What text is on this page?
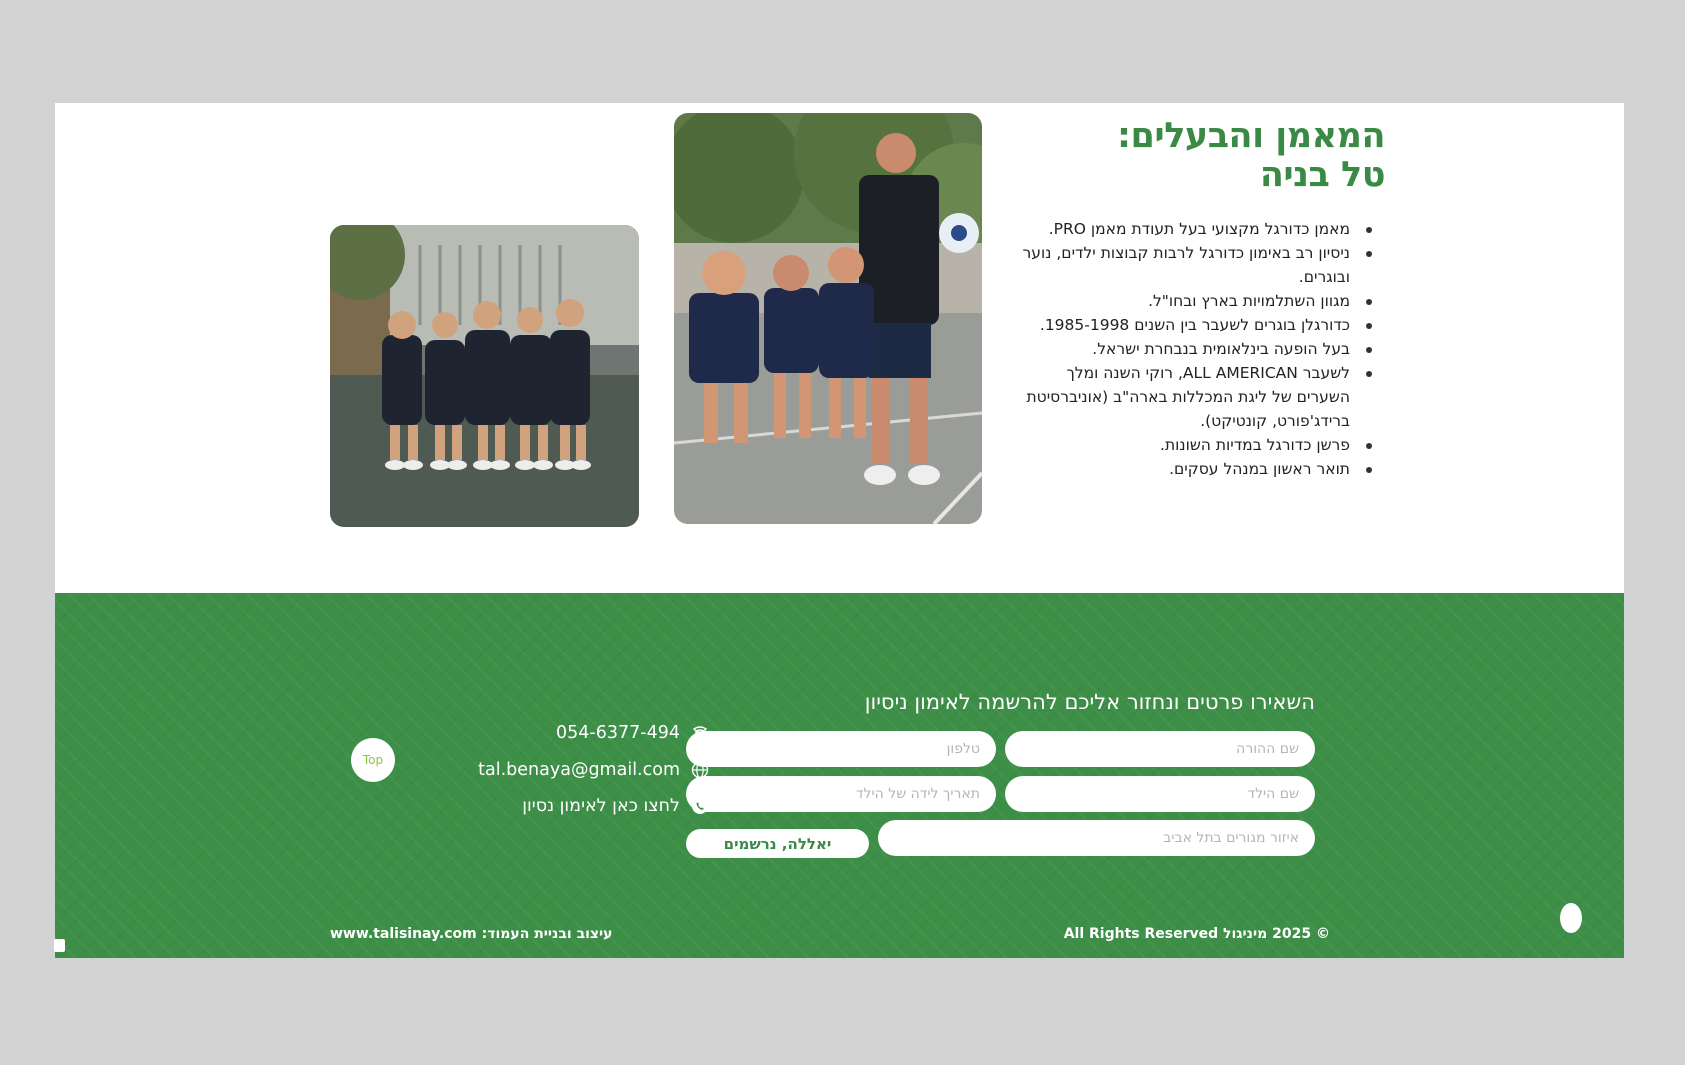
המאמן והבעלים:
טל בניה
מאמן כדורגל מקצועי בעל תעודת מאמן PRO.
ניסיון רב באימון כדורגל לרבות קבוצות ילדים, נוער ובוגרים.
מגוון השתלמויות בארץ ובחו"ל.
כדורגלן בוגרים לשעבר בין השנים 1985-1998.
בעל הופעה בינלאומית בנבחרת ישראל.
לשעבר ALL AMERICAN, רוקי השנה ומלך השערים של ליגת המכללות בארה"ב (אוניברסיטת ברידג'פורט, קונטיקט).
פרשן כדורגל במדיות השונות.
תואר ראשון במנהל עסקים.
השאירו פרטים ונחזור אליכם להרשמה לאימון ניסיון
שם ההורה
טלפון
שם הילד
תאריך לידה של הילד
איזור מגורים בתל אביב
יאללה, נרשמים
054-6377-494
tal.benaya@gmail.com
לחצו כאן לאימון נסיון
Top
© 2025 מיניגול All Rights Reserved
עיצוב ובניית העמוד: www.talisinay.com
